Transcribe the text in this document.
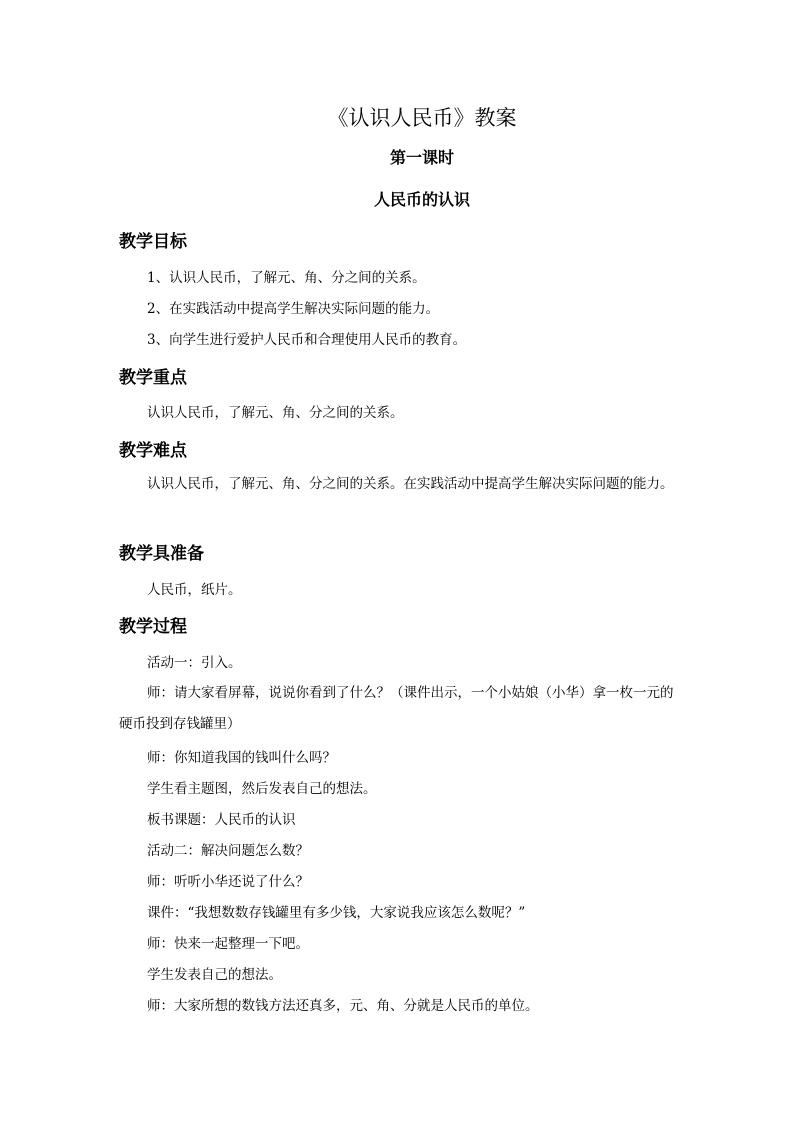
《认识人民币》教案
第一课时
人民币的认识
教学目标

1、认识人民币，了解元、角、分之间的关系。

2、在实践活动中提高学生解决实际问题的能力。

3、向学生进行爱护人民币和合理使用人民币的教育。

教学重点

认识人民币，了解元、角、分之间的关系。

教学难点

认识人民币，了解元、角、分之间的关系。在实践活动中提高学生解决实际问题的能力。

教学具准备

人民币，纸片。

教学过程

活动一：引入。

师：请大家看屏幕，说说你看到了什么？（课件出示，一个小姑娘（小华）拿一枚一元的硬币投到存钱罐里）

师：你知道我国的钱叫什么吗？

学生看主题图，然后发表自己的想法。

板书课题：人民币的认识

活动二：解决问题怎么数？

师：听听小华还说了什么？

课件：“我想数数存钱罐里有多少钱，大家说我应该怎么数呢？”

师：快来一起整理一下吧。

学生发表自己的想法。

师：大家所想的数钱方法还真多，元、角、分就是人民币的单位。
